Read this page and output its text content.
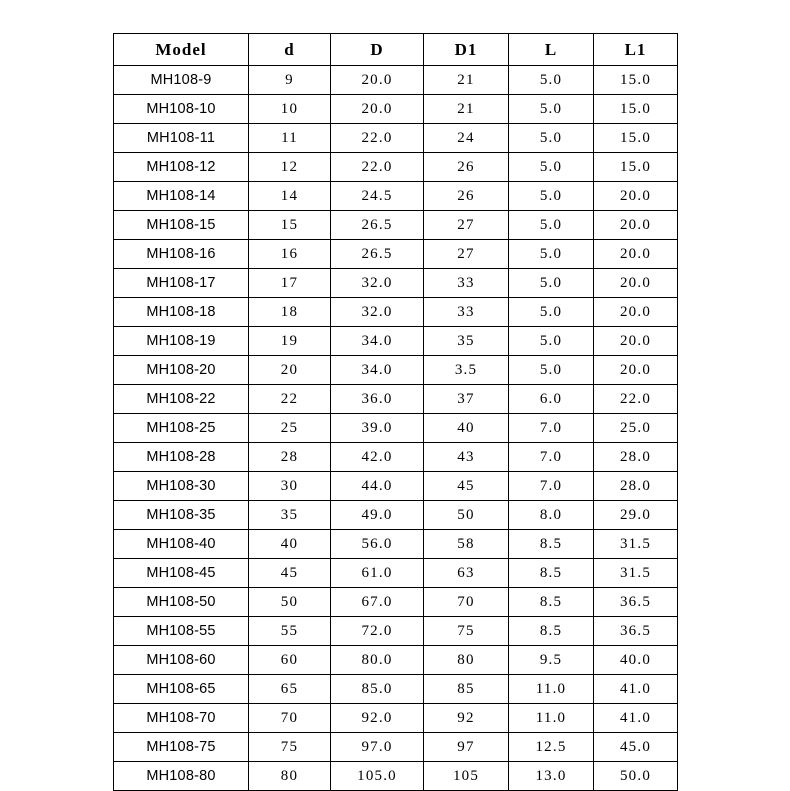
Model	d	D	D1	L	L1
MH108-9	9	20.0	21	5.0	15.0
MH108-10	10	20.0	21	5.0	15.0
MH108-11	11	22.0	24	5.0	15.0
MH108-12	12	22.0	26	5.0	15.0
MH108-14	14	24.5	26	5.0	20.0
MH108-15	15	26.5	27	5.0	20.0
MH108-16	16	26.5	27	5.0	20.0
MH108-17	17	32.0	33	5.0	20.0
MH108-18	18	32.0	33	5.0	20.0
MH108-19	19	34.0	35	5.0	20.0
MH108-20	20	34.0	3.5	5.0	20.0
MH108-22	22	36.0	37	6.0	22.0
MH108-25	25	39.0	40	7.0	25.0
MH108-28	28	42.0	43	7.0	28.0
MH108-30	30	44.0	45	7.0	28.0
MH108-35	35	49.0	50	8.0	29.0
MH108-40	40	56.0	58	8.5	31.5
MH108-45	45	61.0	63	8.5	31.5
MH108-50	50	67.0	70	8.5	36.5
MH108-55	55	72.0	75	8.5	36.5
MH108-60	60	80.0	80	9.5	40.0
MH108-65	65	85.0	85	11.0	41.0
MH108-70	70	92.0	92	11.0	41.0
MH108-75	75	97.0	97	12.5	45.0
MH108-80	80	105.0	105	13.0	50.0
